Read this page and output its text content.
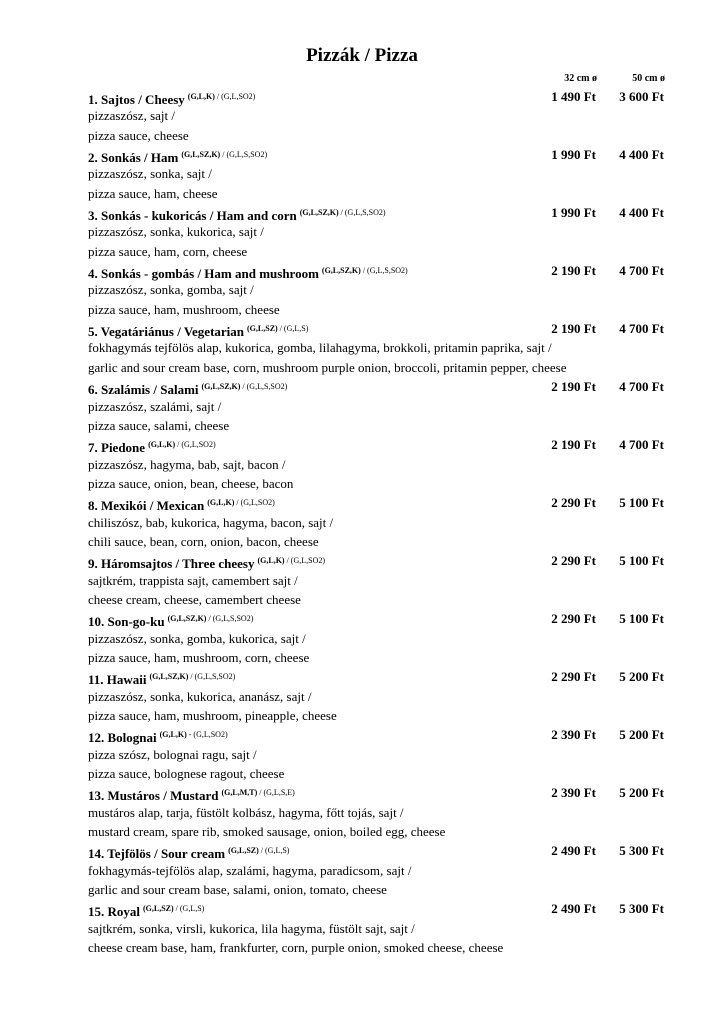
Pizzák / Pizza
32 cm ø	50 cm ø
1. Sajtos / Cheesy $^{(G,L,K) / (G,L,SO2)}$	1 490 Ft	3 600 Ft
pizzaszósz, sajt /
pizza sauce, cheese
2. Sonkás / Ham $^{(G,L,SZ,K) / (G,L,S,SO2)}$	1 990 Ft	4 400 Ft
pizzaszósz, sonka, sajt /
pizza sauce, ham, cheese
3. Sonkás - kukoricás / Ham and corn $^{(G,L,SZ,K) / (G,L,S,SO2)}$	1 990 Ft	4 400 Ft
pizzaszósz, sonka, kukorica, sajt /
pizza sauce, ham, corn, cheese
4. Sonkás - gombás / Ham and mushroom $^{(G,L,SZ,K) / (G,L,S,SO2)}$	2 190 Ft	4 700 Ft
pizzaszósz, sonka, gomba, sajt /
pizza sauce, ham, mushroom, cheese
5. Vegatáriánus / Vegetarian $^{(G,L,SZ) / (G,L,S)}$	2 190 Ft	4 700 Ft
fokhagymás tejfölös alap, kukorica, gomba, lilahagyma, brokkoli, pritamin paprika, sajt /
garlic and sour cream base, corn, mushroom purple onion, broccoli, pritamin pepper, cheese
6. Szalámis / Salami $^{(G,L,SZ,K) / (G,L,S,SO2)}$	2 190 Ft	4 700 Ft
pizzaszósz, szalámi, sajt /
pizza sauce, salami, cheese
7. Piedone $^{(G,L,K) / (G,L,SO2)}$	2 190 Ft	4 700 Ft
pizzaszósz, hagyma, bab, sajt, bacon /
pizza sauce, onion, bean, cheese, bacon
8. Mexikói / Mexican $^{(G,L,K) / (G,L,SO2)}$	2 290 Ft	5 100 Ft
chiliszósz, bab, kukorica, hagyma, bacon, sajt /
chili sauce, bean, corn, onion, bacon, cheese
9. Háromsajtos / Three cheesy $^{(G,L,K) / (G,L,SO2)}$	2 290 Ft	5 100 Ft
sajtkrém, trappista sajt, camembert sajt /
cheese cream, cheese, camembert cheese
10. Son-go-ku $^{(G,L,SZ,K) / (G,L,S,SO2)}$	2 290 Ft	5 100 Ft
pizzaszósz, sonka, gomba, kukorica, sajt /
pizza sauce, ham, mushroom, corn, cheese
11. Hawaii $^{(G,L,SZ,K) / (G,L,S,SO2)}$	2 290 Ft	5 200 Ft
pizzaszósz, sonka, kukorica, ananász, sajt /
pizza sauce, ham, mushroom, pineapple, cheese
12. Bolognai $^{(G,L,K) - (G,L,SO2)}$	2 390 Ft	5 200 Ft
pizza szósz, bolognai ragu, sajt /
pizza sauce, bolognese ragout, cheese
13. Mustáros / Mustard $^{(G,L,M,T) / (G,L,S,E)}$	2 390 Ft	5 200 Ft
mustáros alap, tarja, füstölt kolbász, hagyma, főtt tojás, sajt /
mustard cream, spare rib, smoked sausage, onion, boiled egg, cheese
14. Tejfölös / Sour cream $^{(G,L,SZ) / (G,L,S)}$	2 490 Ft	5 300 Ft
fokhagymás-tejfölös alap, szalámi, hagyma, paradicsom, sajt /
garlic and sour cream base, salami, onion, tomato, cheese
15. Royal $^{(G,L,SZ) / (G,L,S)}$	2 490 Ft	5 300 Ft
sajtkrém, sonka, virsli, kukorica, lila hagyma, füstölt sajt, sajt /
cheese cream base, ham, frankfurter, corn, purple onion, smoked cheese, cheese
